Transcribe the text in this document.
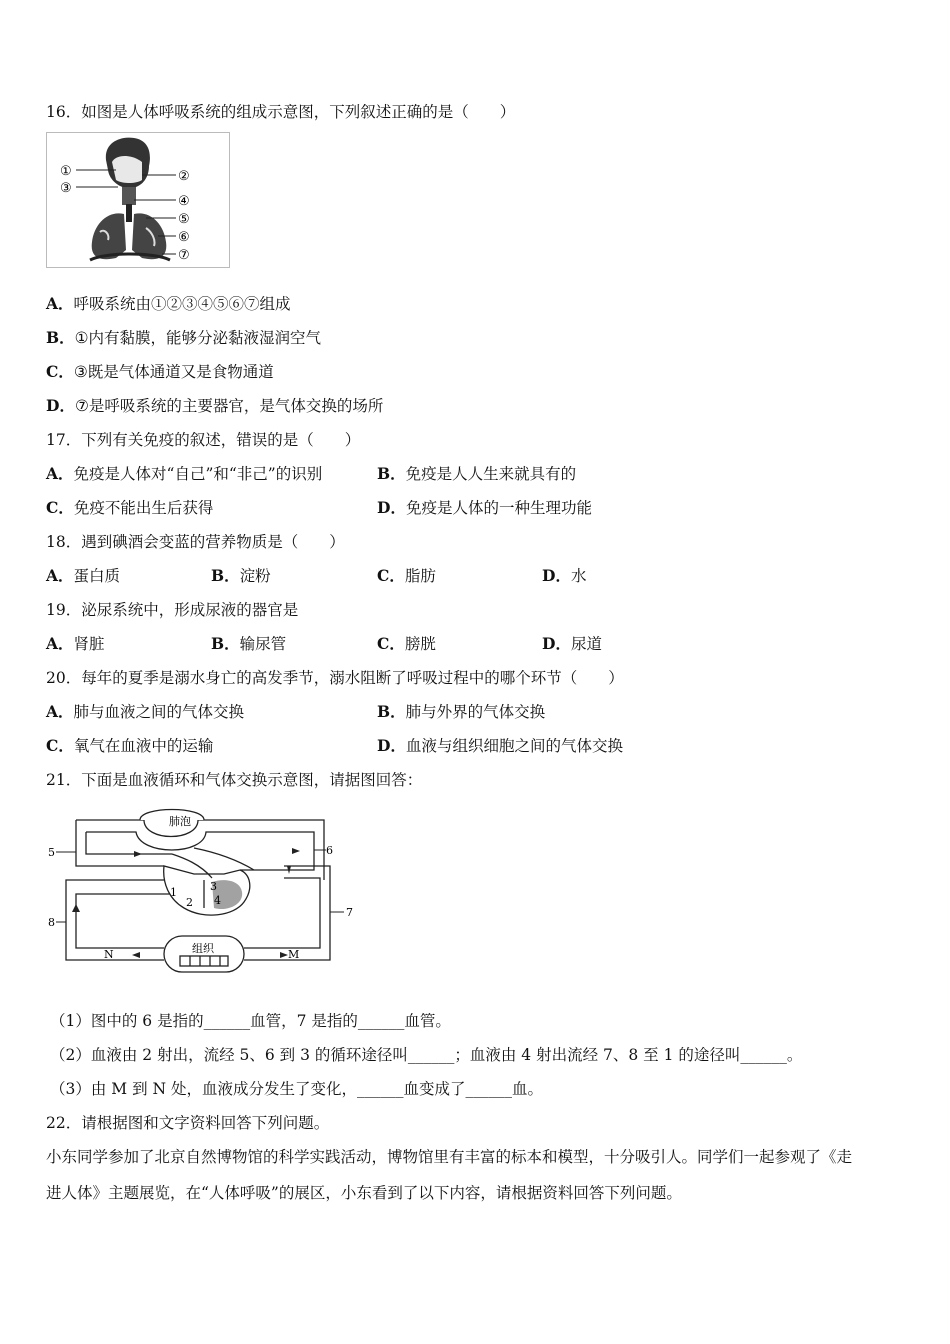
16．如图是人体呼吸系统的组成示意图，下列叙述正确的是（　　）
①
③
②
④
⑤
⑥
⑦
A．呼吸系统由①②③④⑤⑥⑦组成
B．①内有黏膜，能够分泌黏液湿润空气
C．③既是气体通道又是食物通道
D．⑦是呼吸系统的主要器官，是气体交换的场所
17．下列有关免疫的叙述，错误的是（　　）
A．免疫是人体对“自己”和“非己”的识别	B．免疫是人人生来就具有的
C．免疫不能出生后获得	D．免疫是人体的一种生理功能
18．遇到碘酒会变蓝的营养物质是（　　）
A．蛋白质	B．淀粉	C．脂肪	D．水
19．泌尿系统中，形成尿液的器官是
A．肾脏	B．输尿管	C．膀胱	D．尿道
20．每年的夏季是溺水身亡的高发季节，溺水阻断了呼吸过程中的哪个环节（　　）
A．肺与血液之间的气体交换	B．肺与外界的气体交换
C．氧气在血液中的运输	D．血液与组织细胞之间的气体交换
21．下面是血液循环和气体交换示意图，请据图回答：
肺泡
组织
1
2
3
4
5	6
7
8
N	M
（1）图中的 6 是指的______血管，7 是指的______血管。
（2）血液由 2 射出，流经 5、6 到 3 的循环途径叫______；血液由 4 射出流经 7、8 至 1 的途径叫______。
（3）由 M 到 N 处，血液成分发生了变化，______血变成了______血。
22．请根据图和文字资料回答下列问题。
小东同学参加了北京自然博物馆的科学实践活动，博物馆里有丰富的标本和模型，十分吸引人。同学们一起参观了《走
进人体》主题展览，在“人体呼吸”的展区，小东看到了以下内容，请根据资料回答下列问题。
